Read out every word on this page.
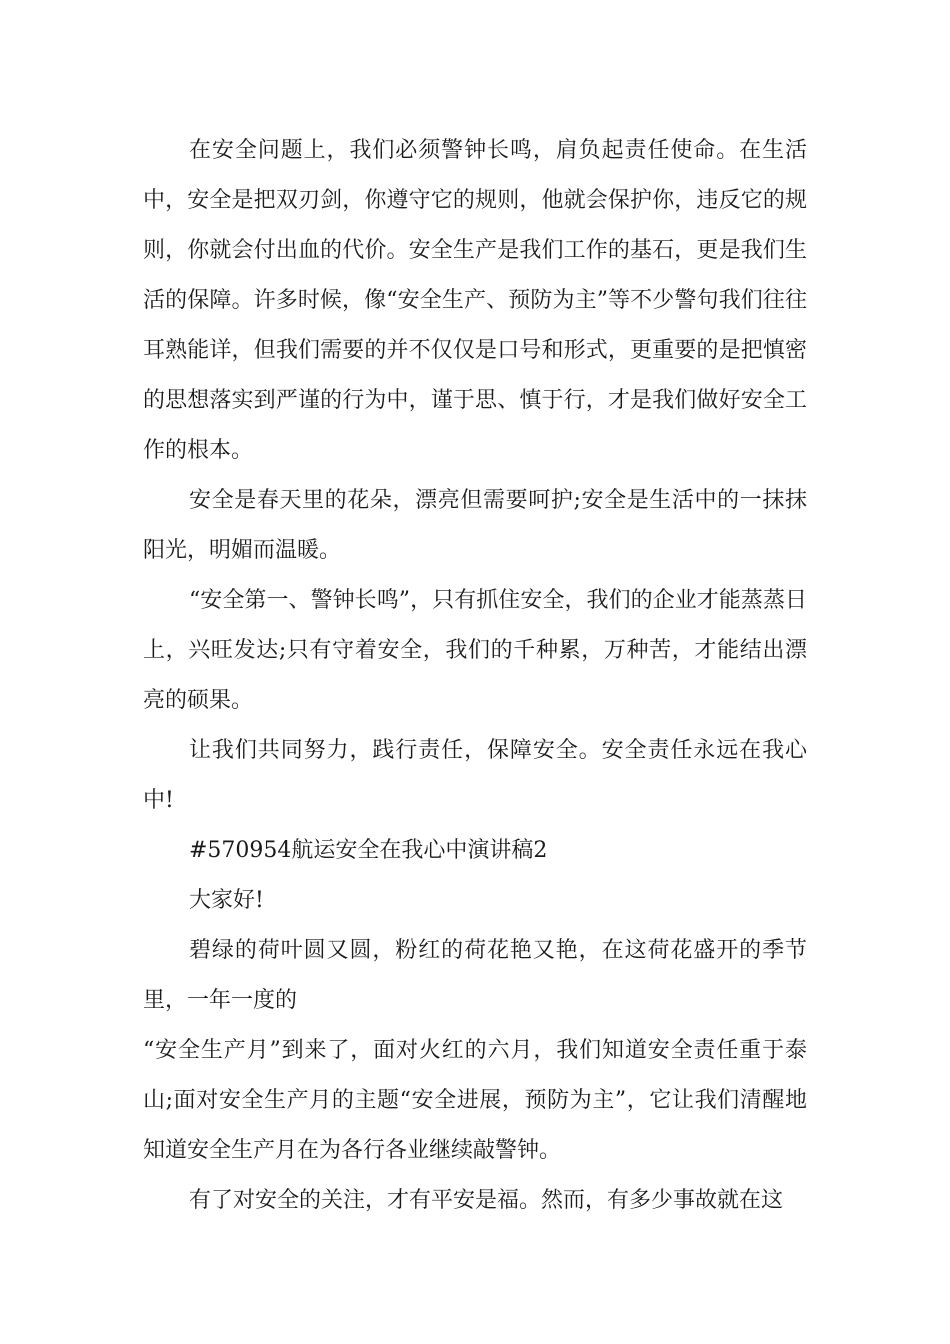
在安全问题上，我们必须警钟长鸣，肩负起责任使命。在生活中，安全是把双刃剑，你遵守它的规则，他就会保护你，违反它的规则，你就会付出血的代价。安全生产是我们工作的基石，更是我们生活的保障。许多时候，像“安全生产、预防为主”等不少警句我们往往耳熟能详，但我们需要的并不仅仅是口号和形式，更重要的是把慎密的思想落实到严谨的行为中，谨于思、慎于行，才是我们做好安全工作的根本。

安全是春天里的花朵，漂亮但需要呵护;安全是生活中的一抹抹阳光，明媚而温暖。

“安全第一、警钟长鸣”，只有抓住安全，我们的企业才能蒸蒸日上，兴旺发达;只有守着安全，我们的千种累，万种苦，才能结出漂亮的硕果。

让我们共同努力，践行责任，保障安全。安全责任永远在我心中!

#570954航运安全在我心中演讲稿2

大家好!

碧绿的荷叶圆又圆，粉红的荷花艳又艳，在这荷花盛开的季节里，一年一度的

“安全生产月”到来了，面对火红的六月，我们知道安全责任重于泰山;面对安全生产月的主题“安全进展，预防为主”，它让我们清醒地知道安全生产月在为各行各业继续敲警钟。

有了对安全的关注，才有平安是福。然而，有多少事故就在这
